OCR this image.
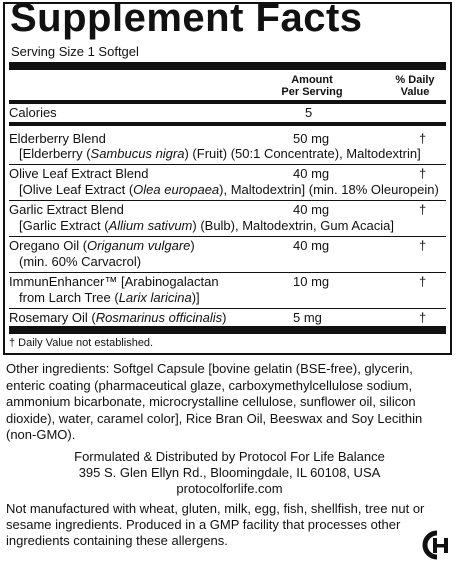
Supplement Facts
Serving Size 1 Softgel
Amount
Per Serving
% Daily
Value
Calories	5
Elderberry Blend	50 mg	†
[Elderberry (Sambucus nigra) (Fruit) (50:1 Concentrate), Maltodextrin]
Olive Leaf Extract Blend	40 mg	†
[Olive Leaf Extract (Olea europaea), Maltodextrin] (min. 18% Oleuropein)
Garlic Extract Blend	40 mg	†
[Garlic Extract (Allium sativum) (Bulb), Maltodextrin, Gum Acacia]
Oregano Oil (Origanum vulgare)	40 mg	†
(min. 60% Carvacrol)
ImmunEnhancer™ [Arabinogalactan	10 mg	†
from Larch Tree (Larix laricina)]
Rosemary Oil (Rosmarinus officinalis)	5 mg	†
† Daily Value not established.
Other ingredients: Softgel Capsule [bovine gelatin (BSE-free), glycerin, enteric coating (pharmaceutical glaze, carboxymethylcellulose sodium, ammonium bicarbonate, microcrystalline cellulose, sunflower oil, silicon dioxide), water, caramel color], Rice Bran Oil, Beeswax and Soy Lecithin (non-GMO).
Formulated & Distributed by Protocol For Life Balance
395 S. Glen Ellyn Rd., Bloomingdale, IL 60108, USA
protocolforlife.com
Not manufactured with wheat, gluten, milk, egg, fish, shellfish, tree nut or sesame ingredients. Produced in a GMP facility that processes other ingredients containing these allergens.
